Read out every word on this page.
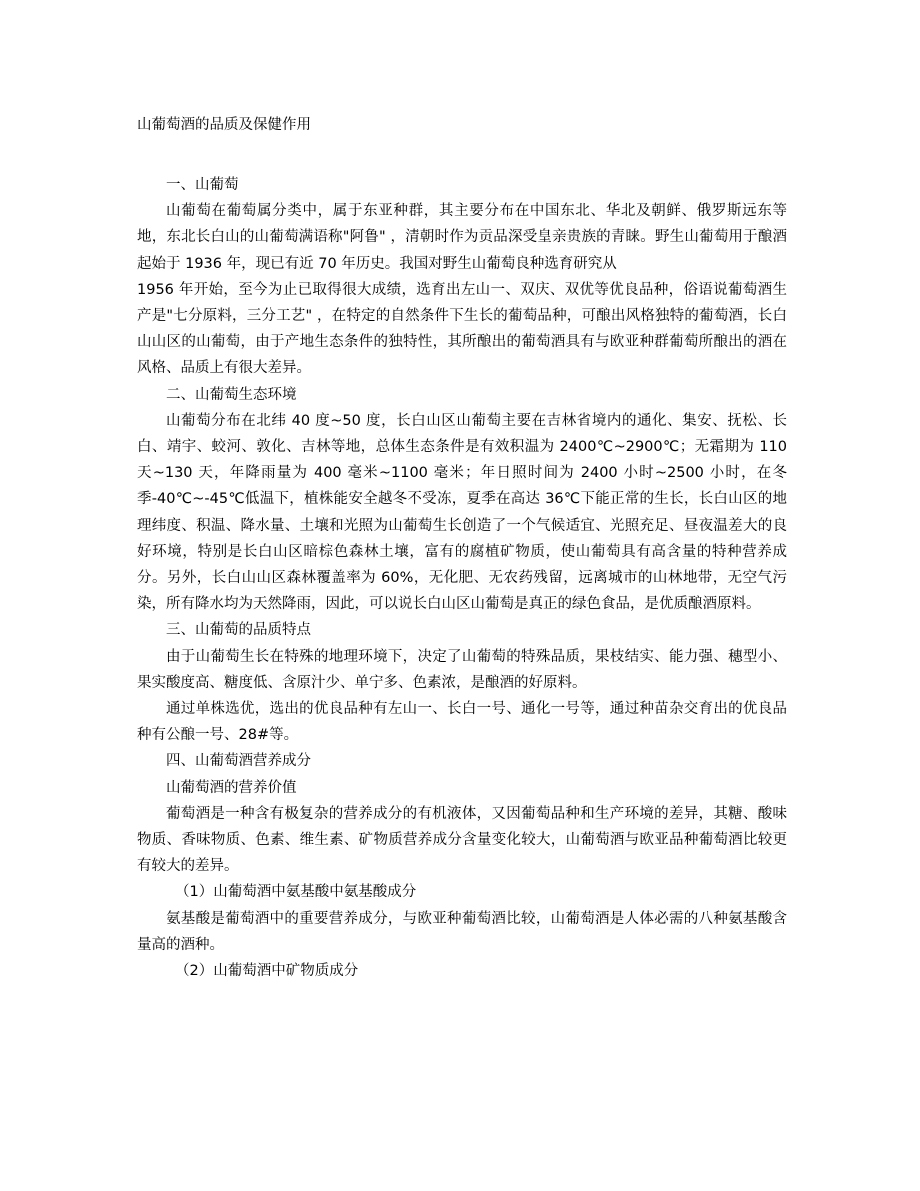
山葡萄酒的品质及保健作用

一、山葡萄

山葡萄在葡萄属分类中，属于东亚种群，其主要分布在中国东北、华北及朝鲜、俄罗斯远东等地，东北长白山的山葡萄满语称"阿鲁" ，清朝时作为贡品深受皇亲贵族的青睐。野生山葡萄用于酿酒起始于 1936 年，现已有近 70 年历史。我国对野生山葡萄良种选育研究从

1956 年开始，至今为止已取得很大成绩，选育出左山一、双庆、双优等优良品种，俗语说葡萄酒生产是"七分原料，三分工艺" ，在特定的自然条件下生长的葡萄品种，可酿出风格独特的葡萄酒，长白山山区的山葡萄，由于产地生态条件的独特性，其所酿出的葡萄酒具有与欧亚种群葡萄所酿出的酒在风格、品质上有很大差异。

二、山葡萄生态环境

山葡萄分布在北纬 40 度~50 度，长白山区山葡萄主要在吉林省境内的通化、集安、抚松、长白、靖宇、蛟河、敦化、吉林等地，总体生态条件是有效积温为 2400℃~2900℃；无霜期为 110 天~130 天，年降雨量为 400 毫米~1100 毫米；年日照时间为 2400 小时~2500 小时，在冬季-40℃~-45℃低温下，植株能安全越冬不受冻，夏季在高达 36℃下能正常的生长，长白山区的地理纬度、积温、降水量、土壤和光照为山葡萄生长创造了一个气候适宜、光照充足、昼夜温差大的良好环境，特别是长白山区暗棕色森林土壤，富有的腐植矿物质，使山葡萄具有高含量的特种营养成分。另外，长白山山区森林覆盖率为 60%，无化肥、无农药残留，远离城市的山林地带，无空气污染，所有降水均为天然降雨，因此，可以说长白山区山葡萄是真正的绿色食品，是优质酿酒原料。

三、山葡萄的品质特点

由于山葡萄生长在特殊的地理环境下，决定了山葡萄的特殊品质，果枝结实、能力强、穗型小、果实酸度高、糖度低、含原汁少、单宁多、色素浓，是酿酒的好原料。

通过单株选优，选出的优良品种有左山一、长白一号、通化一号等，通过种苗杂交育出的优良品种有公酿一号、28#等。

四、山葡萄酒营养成分

山葡萄酒的营养价值

葡萄酒是一种含有极复杂的营养成分的有机液体，又因葡萄品种和生产环境的差异，其糖、酸味物质、香味物质、色素、维生素、矿物质营养成分含量变化较大，山葡萄酒与欧亚品种葡萄酒比较更有较大的差异。

（1）山葡萄酒中氨基酸中氨基酸成分

氨基酸是葡萄酒中的重要营养成分，与欧亚种葡萄酒比较，山葡萄酒是人体必需的八种氨基酸含量高的酒种。

（2）山葡萄酒中矿物质成分
